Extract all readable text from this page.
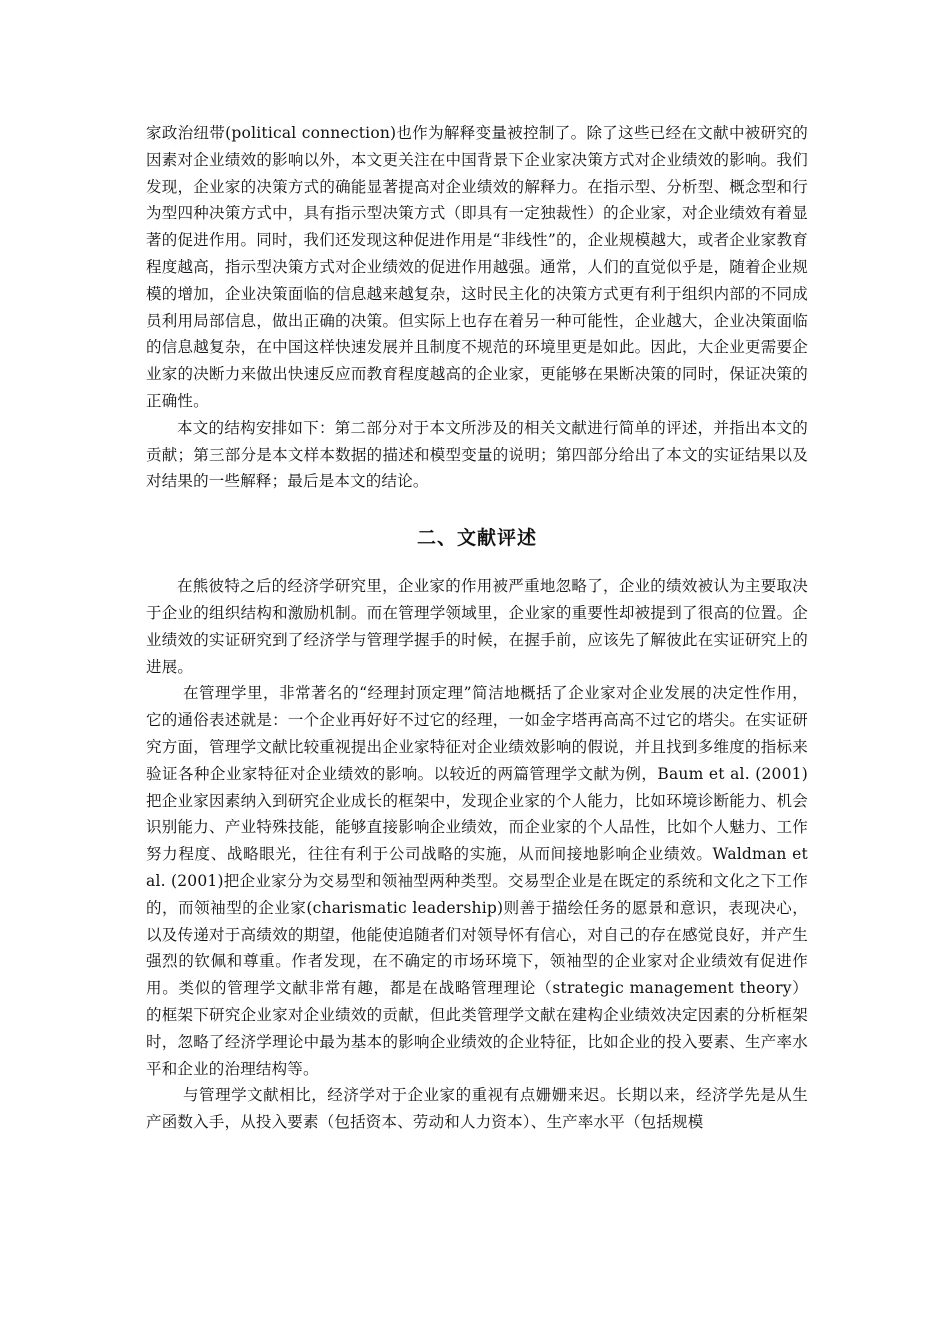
家政治纽带(political connection)也作为解释变量被控制了。除了这些已经在文献中被研究的因素对企业绩效的影响以外，本文更关注在中国背景下企业家决策方式对企业绩效的影响。我们发现，企业家的决策方式的确能显著提高对企业绩效的解释力。在指示型、分析型、概念型和行为型四种决策方式中，具有指示型决策方式（即具有一定独裁性）的企业家，对企业绩效有着显著的促进作用。同时，我们还发现这种促进作用是“非线性”的，企业规模越大，或者企业家教育程度越高，指示型决策方式对企业绩效的促进作用越强。通常，人们的直觉似乎是，随着企业规模的增加，企业决策面临的信息越来越复杂，这时民主化的决策方式更有利于组织内部的不同成员利用局部信息，做出正确的决策。但实际上也存在着另一种可能性，企业越大，企业决策面临的信息越复杂，在中国这样快速发展并且制度不规范的环境里更是如此。因此，大企业更需要企业家的决断力来做出快速反应而教育程度越高的企业家，更能够在果断决策的同时，保证决策的正确性。

本文的结构安排如下：第二部分对于本文所涉及的相关文献进行简单的评述，并指出本文的贡献；第三部分是本文样本数据的描述和模型变量的说明；第四部分给出了本文的实证结果以及对结果的一些解释；最后是本文的结论。

二、文献评述

在熊彼特之后的经济学研究里，企业家的作用被严重地忽略了，企业的绩效被认为主要取决于企业的组织结构和激励机制。而在管理学领域里，企业家的重要性却被提到了很高的位置。企业绩效的实证研究到了经济学与管理学握手的时候，在握手前，应该先了解彼此在实证研究上的进展。

在管理学里，非常著名的“经理封顶定理”简洁地概括了企业家对企业发展的决定性作用，它的通俗表述就是：一个企业再好好不过它的经理，一如金字塔再高高不过它的塔尖。在实证研究方面，管理学文献比较重视提出企业家特征对企业绩效影响的假说，并且找到多维度的指标来验证各种企业家特征对企业绩效的影响。以较近的两篇管理学文献为例，Baum et al. (2001)把企业家因素纳入到研究企业成长的框架中，发现企业家的个人能力，比如环境诊断能力、机会识别能力、产业特殊技能，能够直接影响企业绩效，而企业家的个人品性，比如个人魅力、工作努力程度、战略眼光，往往有利于公司战略的实施，从而间接地影响企业绩效。Waldman et al. (2001)把企业家分为交易型和领袖型两种类型。交易型企业是在既定的系统和文化之下工作的，而领袖型的企业家(charismatic leadership)则善于描绘任务的愿景和意识，表现决心，以及传递对于高绩效的期望，他能使追随者们对领导怀有信心，对自己的存在感觉良好，并产生强烈的钦佩和尊重。作者发现，在不确定的市场环境下，领袖型的企业家对企业绩效有促进作用。类似的管理学文献非常有趣，都是在战略管理理论（strategic management theory）的框架下研究企业家对企业绩效的贡献，但此类管理学文献在建构企业绩效决定因素的分析框架时，忽略了经济学理论中最为基本的影响企业绩效的企业特征，比如企业的投入要素、生产率水平和企业的治理结构等。

与管理学文献相比，经济学对于企业家的重视有点姗姗来迟。长期以来，经济学先是从生产函数入手，从投入要素（包括资本、劳动和人力资本）、生产率水平（包括规模
